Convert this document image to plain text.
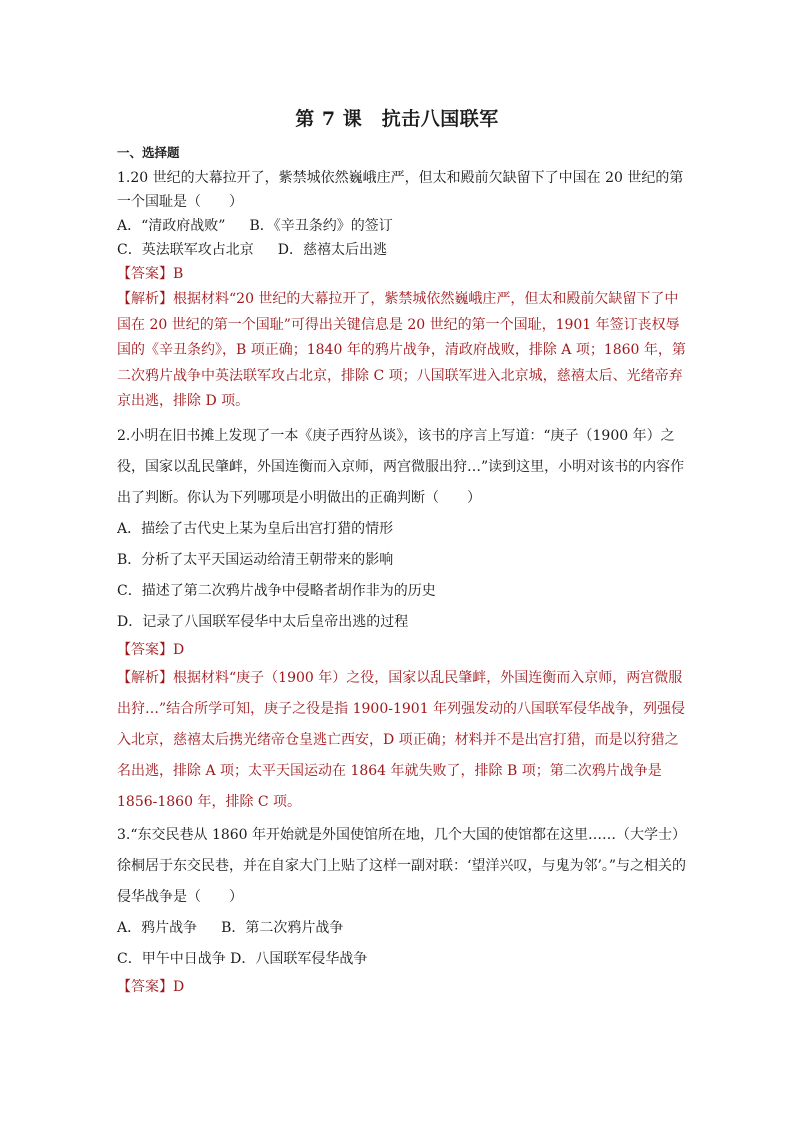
第 7 课　抗击八国联军
一、选择题

1.20 世纪的大幕拉开了，紫禁城依然巍峨庄严，但太和殿前欠缺留下了中国在 20 世纪的第一个国耻是（　　）

A．“清政府战败” B．《辛丑条约》的签订
C．英法联军攻占北京 D．慈禧太后出逃
【答案】B
【解析】根据材料“20 世纪的大幕拉开了，紫禁城依然巍峨庄严，但太和殿前欠缺留下了中国在 20 世纪的第一个国耻”可得出关键信息是 20 世纪的第一个国耻，1901 年签订丧权辱国的《辛丑条约》，B 项正确；1840 年的鸦片战争，清政府战败，排除 A 项；1860 年，第二次鸦片战争中英法联军攻占北京，排除 C 项；八国联军进入北京城，慈禧太后、光绪帝弃京出逃，排除 D 项。

2.小明在旧书摊上发现了一本《庚子西狩丛谈》，该书的序言上写道：“庚子（1900 年）之役，国家以乱民肇衅，外国连衡而入京师，两宫微服出狩…”读到这里，小明对该书的内容作出了判断。你认为下列哪项是小明做出的正确判断（　　）

A．描绘了古代史上某为皇后出宫打猎的情形
B．分析了太平天国运动给清王朝带来的影响
C．描述了第二次鸦片战争中侵略者胡作非为的历史
D．记录了八国联军侵华中太后皇帝出逃的过程
【答案】D
【解析】根据材料“庚子（1900 年）之役，国家以乱民肇衅，外国连衡而入京师，两宫微服出狩…”结合所学可知，庚子之役是指 1900-1901 年列强发动的八国联军侵华战争，列强侵入北京，慈禧太后携光绪帝仓皇逃亡西安，D 项正确；材料并不是出宫打猎，而是以狩猎之名出逃，排除 A 项；太平天国运动在 1864 年就失败了，排除 B 项；第二次鸦片战争是 1856-1860 年，排除 C 项。

3.“东交民巷从 1860 年开始就是外国使馆所在地，几个大国的使馆都在这里……（大学士）徐桐居于东交民巷，并在自家大门上贴了这样一副对联：‘望洋兴叹，与鬼为邻’。”与之相关的侵华战争是（　　）

A．鸦片战争 B．第二次鸦片战争
C．甲午中日战争 D．八国联军侵华战争
【答案】D
